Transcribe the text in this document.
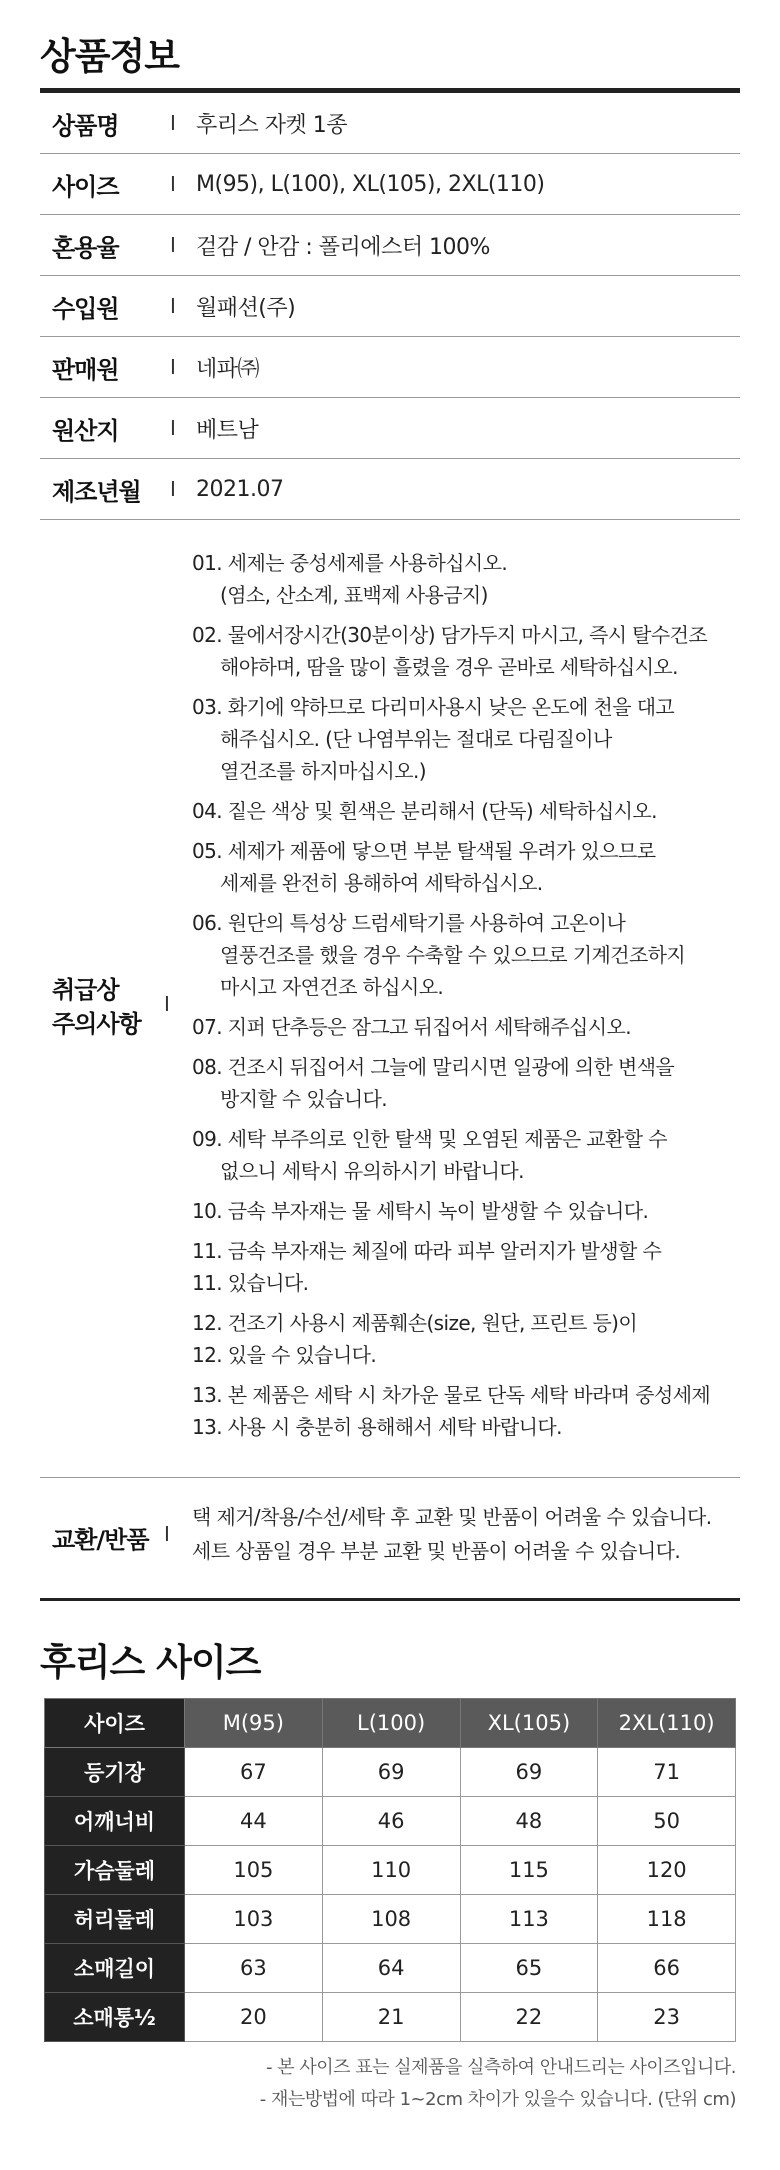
상품정보
상품명	I 후리스 자켓 1종
사이즈	I M(95), L(100), XL(105), 2XL(110)
혼용율	I 겉감 / 안감 : 폴리에스터 100%
수입원	I 월패션(주)
판매원	I 네파㈜
원산지	I 베트남
제조년월	I 2021.07
취급상
주의사항
I
01. 세제는 중성세제를 사용하십시오.
(염소, 산소계, 표백제 사용금지)
02. 물에서장시간(30분이상) 담가두지 마시고, 즉시 탈수건조
해야하며, 땀을 많이 흘렸을 경우 곧바로 세탁하십시오.
03. 화기에 약하므로 다리미사용시 낮은 온도에 천을 대고
해주십시오. (단 나염부위는 절대로 다림질이나
열건조를 하지마십시오.)
04. 짙은 색상 및 흰색은 분리해서 (단독) 세탁하십시오.
05. 세제가 제품에 닿으면 부분 탈색될 우려가 있으므로
세제를 완전히 용해하여 세탁하십시오.
06. 원단의 특성상 드럼세탁기를 사용하여 고온이나
열풍건조를 했을 경우 수축할 수 있으므로 기계건조하지
마시고 자연건조 하십시오.
07. 지퍼 단추등은 잠그고 뒤집어서 세탁해주십시오.
08. 건조시 뒤집어서 그늘에 말리시면 일광에 의한 변색을
방지할 수 있습니다.
09. 세탁 부주의로 인한 탈색 및 오염된 제품은 교환할 수
없으니 세탁시 유의하시기 바랍니다.
10. 금속 부자재는 물 세탁시 녹이 발생할 수 있습니다.
11. 금속 부자재는 체질에 따라 피부 알러지가 발생할 수
11. 있습니다.
12. 건조기 사용시 제품훼손(size, 원단, 프린트 등)이
12. 있을 수 있습니다.
13. 본 제품은 세탁 시 차가운 물로 단독 세탁 바라며 중성세제
13. 사용 시 충분히 용해해서 세탁 바랍니다.
교환/반품 I
택 제거/착용/수선/세탁 후 교환 및 반품이 어려울 수 있습니다.
세트 상품일 경우 부분 교환 및 반품이 어려울 수 있습니다.
후리스 사이즈
사이즈	M(95)	L(100)	XL(105)	2XL(110)
등기장	67	69	69	71
어깨너비	44	46	48	50
가슴둘레	105	110	115	120
허리둘레	103	108	113	118
소매길이	63	64	65	66
소매통½	20	21	22	23
- 본 사이즈 표는 실제품을 실측하여 안내드리는 사이즈입니다.
- 재는방법에 따라 1~2cm 차이가 있을수 있습니다. (단위 cm)
